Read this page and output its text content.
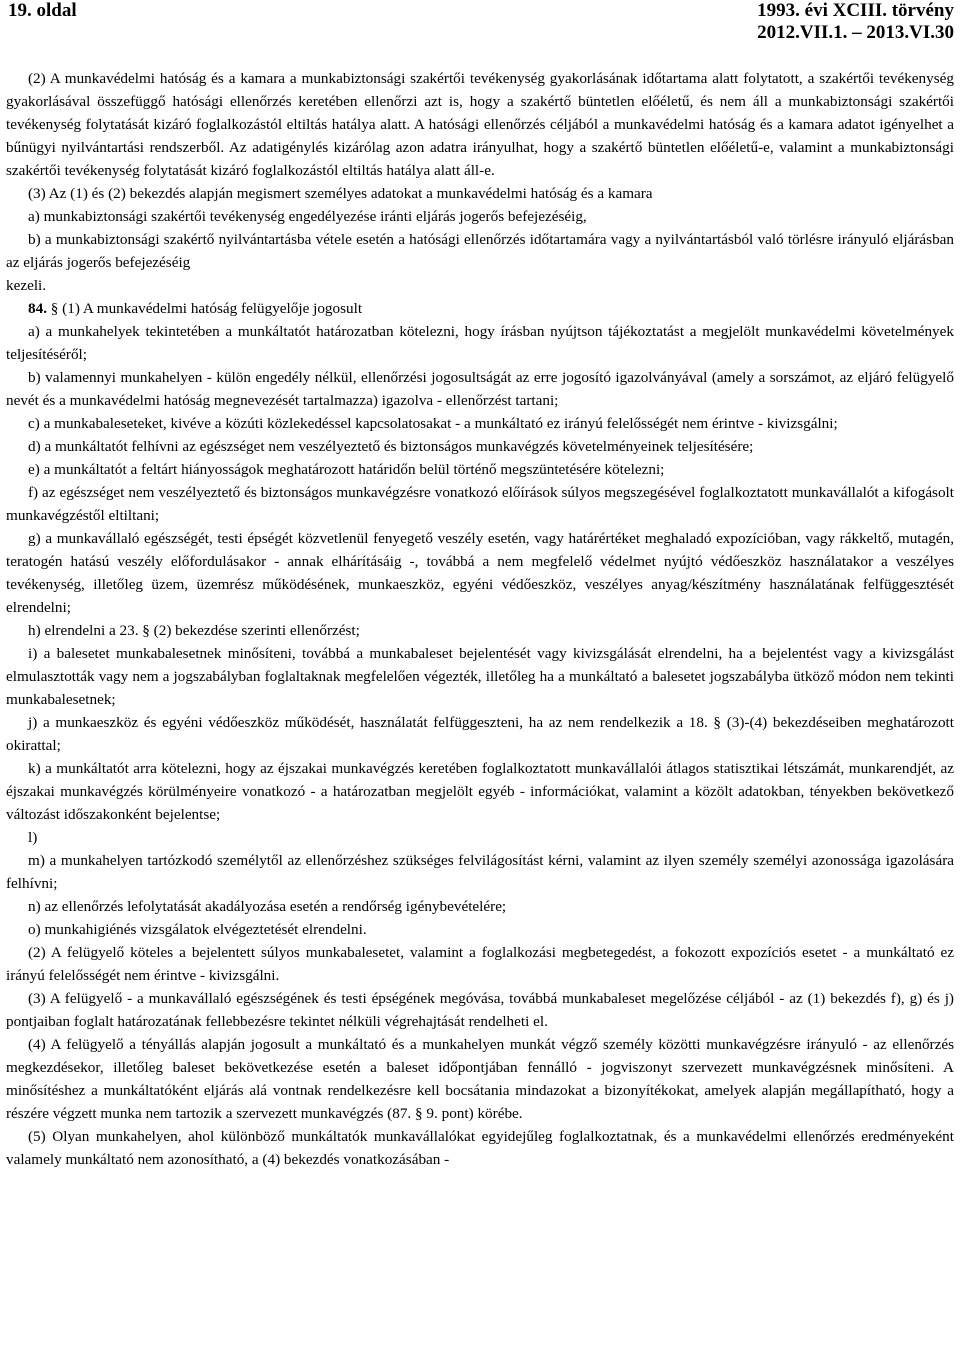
19. oldal	1993. évi XCIII. törvény
2012.VII.1. – 2013.VI.30

(2) A munkavédelmi hatóság és a kamara a munkabiztonsági szakértői tevékenység gyakorlásának időtartama alatt folytatott, a szakértői tevékenység gyakorlásával összefüggő hatósági ellenőrzés keretében ellenőrzi azt is, hogy a szakértő büntetlen előéletű, és nem áll a munkabiztonsági szakértői tevékenység folytatását kizáró foglalkozástól eltiltás hatálya alatt. A hatósági ellenőrzés céljából a munkavédelmi hatóság és a kamara adatot igényelhet a bűnügyi nyilvántartási rendszerből. Az adatigénylés kizárólag azon adatra irányulhat, hogy a szakértő büntetlen előéletű-e, valamint a munkabiztonsági szakértői tevékenység folytatását kizáró foglalkozástól eltiltás hatálya alatt áll-e.

(3) Az (1) és (2) bekezdés alapján megismert személyes adatokat a munkavédelmi hatóság és a kamara

a) munkabiztonsági szakértői tevékenység engedélyezése iránti eljárás jogerős befejezéséig,

b) a munkabiztonsági szakértő nyilvántartásba vétele esetén a hatósági ellenőrzés időtartamára vagy a nyilvántartásból való törlésre irányuló eljárásban az eljárás jogerős befejezéséig

kezeli.

84. § (1) A munkavédelmi hatóság felügyelője jogosult

a) a munkahelyek tekintetében a munkáltatót határozatban kötelezni, hogy írásban nyújtson tájékoztatást a megjelölt munkavédelmi követelmények teljesítéséről;

b) valamennyi munkahelyen - külön engedély nélkül, ellenőrzési jogosultságát az erre jogosító igazolványával (amely a sorszámot, az eljáró felügyelő nevét és a munkavédelmi hatóság megnevezését tartalmazza) igazolva - ellenőrzést tartani;

c) a munkabaleseteket, kivéve a közúti közlekedéssel kapcsolatosakat - a munkáltató ez irányú felelősségét nem érintve - kivizsgálni;

d) a munkáltatót felhívni az egészséget nem veszélyeztető és biztonságos munkavégzés követelményeinek teljesítésére;

e) a munkáltatót a feltárt hiányosságok meghatározott határidőn belül történő megszüntetésére kötelezni;

f) az egészséget nem veszélyeztető és biztonságos munkavégzésre vonatkozó előírások súlyos megszegésével foglalkoztatott munkavállalót a kifogásolt munkavégzéstől eltiltani;

g) a munkavállaló egészségét, testi épségét közvetlenül fenyegető veszély esetén, vagy határértéket meghaladó expozícióban, vagy rákkeltő, mutagén, teratogén hatású veszély előfordulásakor - annak elhárításáig -, továbbá a nem megfelelő védelmet nyújtó védőeszköz használatakor a veszélyes tevékenység, illetőleg üzem, üzemrész működésének, munkaeszköz, egyéni védőeszköz, veszélyes anyag/készítmény használatának felfüggesztését elrendelni;

h) elrendelni a 23. § (2) bekezdése szerinti ellenőrzést;

i) a balesetet munkabalesetnek minősíteni, továbbá a munkabaleset bejelentését vagy kivizsgálását elrendelni, ha a bejelentést vagy a kivizsgálást elmulasztották vagy nem a jogszabályban foglaltaknak megfelelően végezték, illetőleg ha a munkáltató a balesetet jogszabályba ütköző módon nem tekinti munkabalesetnek;

j) a munkaeszköz és egyéni védőeszköz működését, használatát felfüggeszteni, ha az nem rendelkezik a 18. § (3)-(4) bekezdéseiben meghatározott okirattal;

k) a munkáltatót arra kötelezni, hogy az éjszakai munkavégzés keretében foglalkoztatott munkavállalói átlagos statisztikai létszámát, munkarendjét, az éjszakai munkavégzés körülményeire vonatkozó - a határozatban megjelölt egyéb - információkat, valamint a közölt adatokban, tényekben bekövetkező változást időszakonként bejelentse;

l)

m) a munkahelyen tartózkodó személytől az ellenőrzéshez szükséges felvilágosítást kérni, valamint az ilyen személy személyi azonossága igazolására felhívni;

n) az ellenőrzés lefolytatását akadályozása esetén a rendőrség igénybevételére;

o) munkahigiénés vizsgálatok elvégeztetését elrendelni.

(2) A felügyelő köteles a bejelentett súlyos munkabalesetet, valamint a foglalkozási megbetegedést, a fokozott expozíciós esetet - a munkáltató ez irányú felelősségét nem érintve - kivizsgálni.

(3) A felügyelő - a munkavállaló egészségének és testi épségének megóvása, továbbá munkabaleset megelőzése céljából - az (1) bekezdés f), g) és j) pontjaiban foglalt határozatának fellebbezésre tekintet nélküli végrehajtását rendelheti el.

(4) A felügyelő a tényállás alapján jogosult a munkáltató és a munkahelyen munkát végző személy közötti munkavégzésre irányuló - az ellenőrzés megkezdésekor, illetőleg baleset bekövetkezése esetén a baleset időpontjában fennálló - jogviszonyt szervezett munkavégzésnek minősíteni. A minősítéshez a munkáltatóként eljárás alá vontnak rendelkezésre kell bocsátania mindazokat a bizonyítékokat, amelyek alapján megállapítható, hogy a részére végzett munka nem tartozik a szervezett munkavégzés (87. § 9. pont) körébe.

(5) Olyan munkahelyen, ahol különböző munkáltatók munkavállalókat egyidejűleg foglalkoztatnak, és a munkavédelmi ellenőrzés eredményeként valamely munkáltató nem azonosítható, a (4) bekezdés vonatkozásában -
